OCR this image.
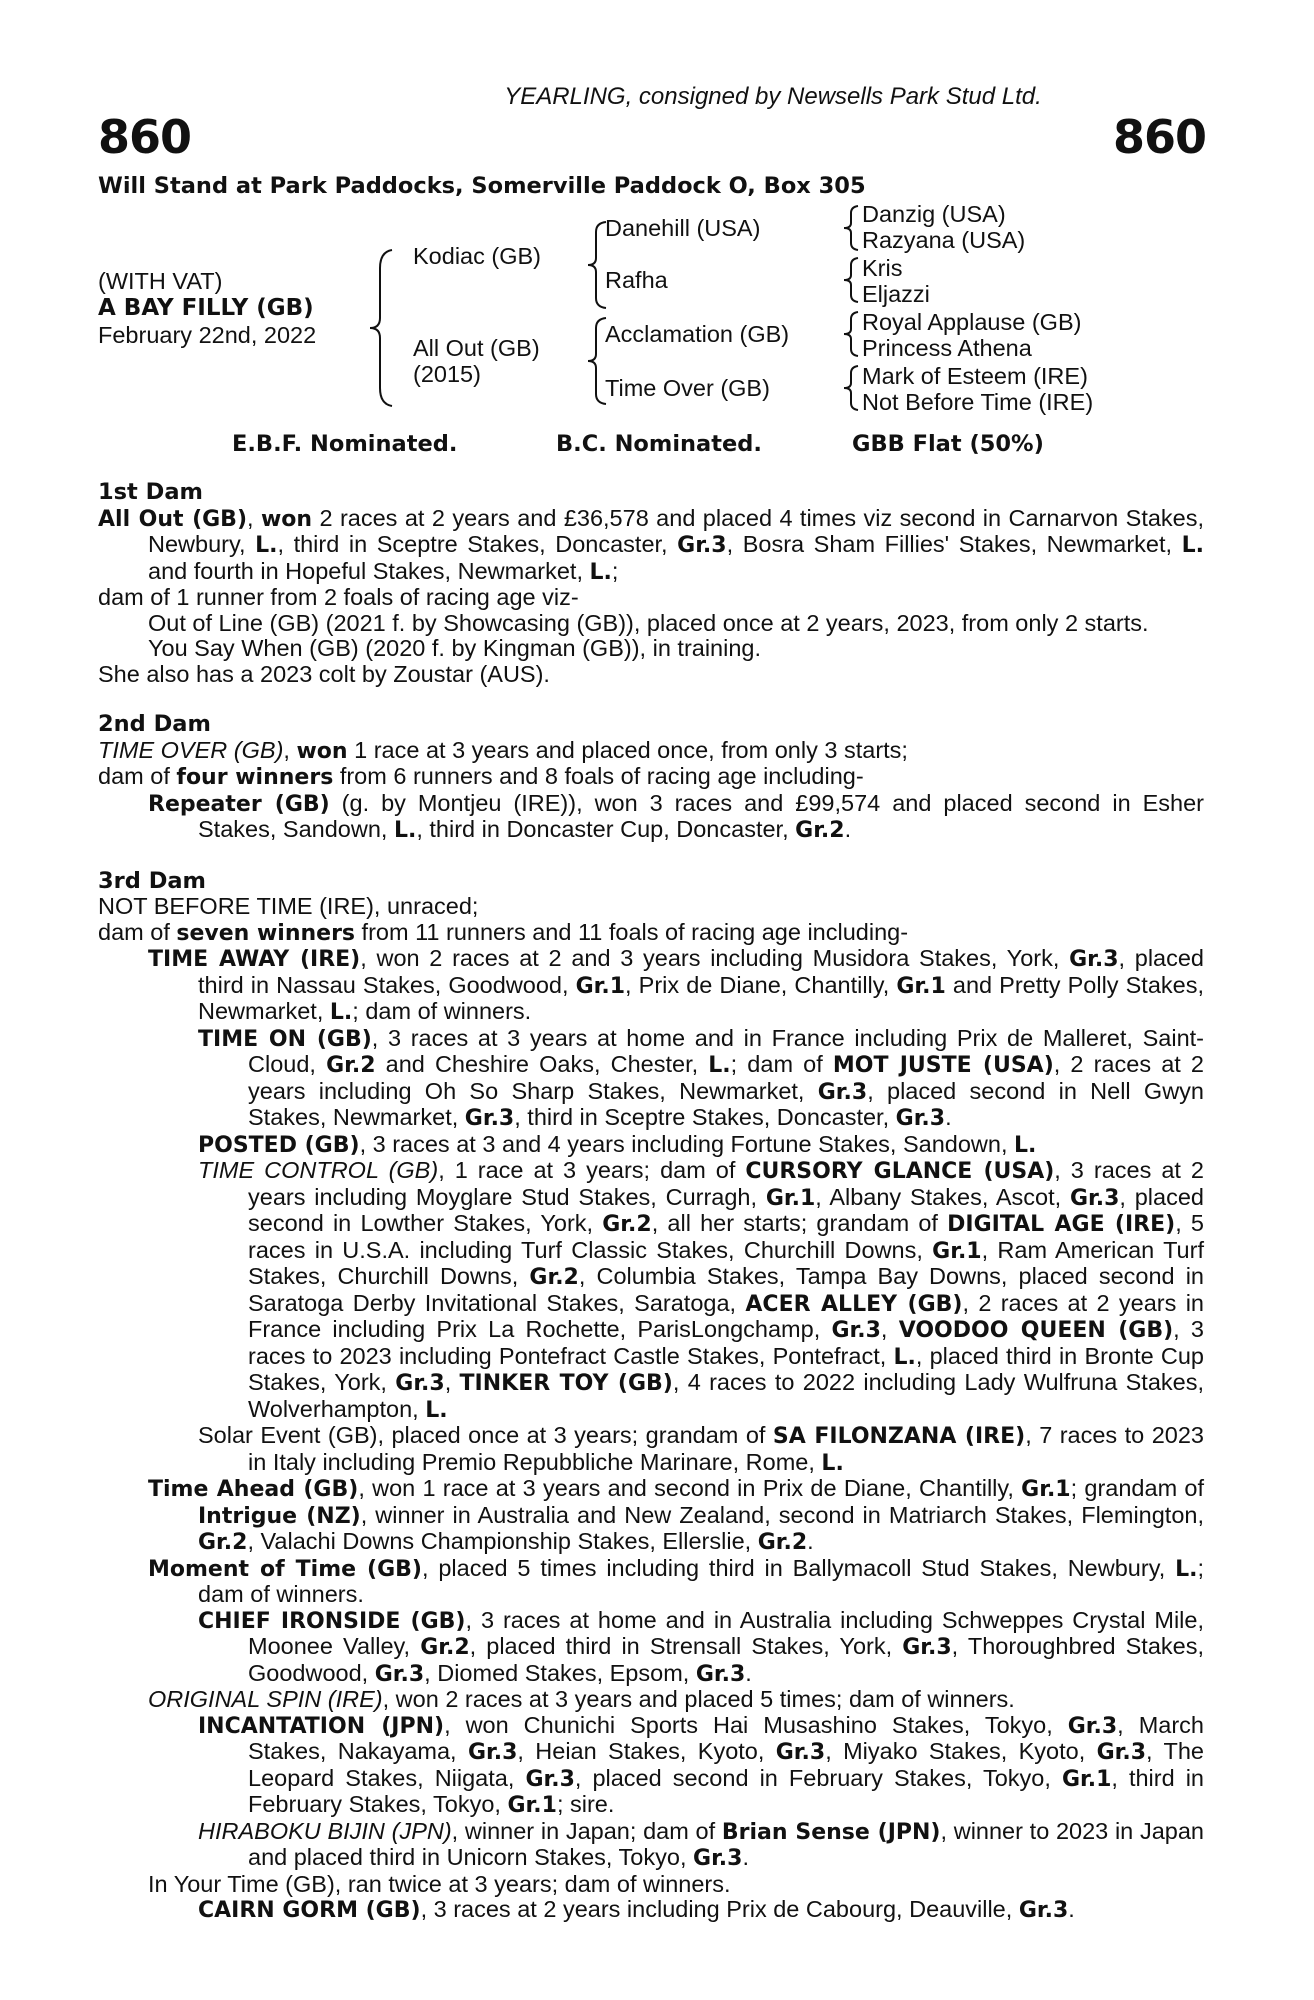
YEARLING, consigned by Newsells Park Stud Ltd.
860	860
Will Stand at Park Paddocks, Somerville Paddock O, Box 305
(WITH VAT)
A BAY FILLY (GB)
February 22nd, 2022
Kodiac (GB)
All Out (GB)
(2015)
Danehill (USA)
Rafha
Acclamation (GB)
Time Over (GB)
Danzig (USA)
Razyana (USA)
Kris
Eljazzi
Royal Applause (GB)
Princess Athena
Mark of Esteem (IRE)
Not Before Time (IRE)
E.B.F. Nominated.	B.C. Nominated.	GBB Flat (50%)
1st Dam

All Out (GB), won 2 races at 2 years and £36,578 and placed 4 times viz second in Carnarvon Stakes, Newbury, L., third in Sceptre Stakes, Doncaster, Gr.3, Bosra Sham Fillies' Stakes, Newmarket, L. and fourth in Hopeful Stakes, Newmarket, L.;

dam of 1 runner from 2 foals of racing age viz-

Out of Line (GB) (2021 f. by Showcasing (GB)), placed once at 2 years, 2023, from only 2 starts.

You Say When (GB) (2020 f. by Kingman (GB)), in training.

She also has a 2023 colt by Zoustar (AUS).

2nd Dam

TIME OVER (GB), won 1 race at 3 years and placed once, from only 3 starts;

dam of four winners from 6 runners and 8 foals of racing age including-

Repeater (GB) (g. by Montjeu (IRE)), won 3 races and £99,574 and placed second in Esher Stakes, Sandown, L., third in Doncaster Cup, Doncaster, Gr.2.

3rd Dam

NOT BEFORE TIME (IRE), unraced;

dam of seven winners from 11 runners and 11 foals of racing age including-

TIME AWAY (IRE), won 2 races at 2 and 3 years including Musidora Stakes, York, Gr.3, placed third in Nassau Stakes, Goodwood, Gr.1, Prix de Diane, Chantilly, Gr.1 and Pretty Polly Stakes, Newmarket, L.; dam of winners.

TIME ON (GB), 3 races at 3 years at home and in France including Prix de Malleret, Saint-Cloud, Gr.2 and Cheshire Oaks, Chester, L.; dam of MOT JUSTE (USA), 2 races at 2 years including Oh So Sharp Stakes, Newmarket, Gr.3, placed second in Nell Gwyn Stakes, Newmarket, Gr.3, third in Sceptre Stakes, Doncaster, Gr.3.

POSTED (GB), 3 races at 3 and 4 years including Fortune Stakes, Sandown, L.

TIME CONTROL (GB), 1 race at 3 years; dam of CURSORY GLANCE (USA), 3 races at 2 years including Moyglare Stud Stakes, Curragh, Gr.1, Albany Stakes, Ascot, Gr.3, placed second in Lowther Stakes, York, Gr.2, all her starts; grandam of DIGITAL AGE (IRE), 5 races in U.S.A. including Turf Classic Stakes, Churchill Downs, Gr.1, Ram American Turf Stakes, Churchill Downs, Gr.2, Columbia Stakes, Tampa Bay Downs, placed second in Saratoga Derby Invitational Stakes, Saratoga, ACER ALLEY (GB), 2 races at 2 years in France including Prix La Rochette, ParisLongchamp, Gr.3, VOODOO QUEEN (GB), 3 races to 2023 including Pontefract Castle Stakes, Pontefract, L., placed third in Bronte Cup Stakes, York, Gr.3, TINKER TOY (GB), 4 races to 2022 including Lady Wulfruna Stakes, Wolverhampton, L.

Solar Event (GB), placed once at 3 years; grandam of SA FILONZANA (IRE), 7 races to 2023 in Italy including Premio Repubbliche Marinare, Rome, L.

Time Ahead (GB), won 1 race at 3 years and second in Prix de Diane, Chantilly, Gr.1; grandam of Intrigue (NZ), winner in Australia and New Zealand, second in Matriarch Stakes, Flemington, Gr.2, Valachi Downs Championship Stakes, Ellerslie, Gr.2.

Moment of Time (GB), placed 5 times including third in Ballymacoll Stud Stakes, Newbury, L.; dam of winners.

CHIEF IRONSIDE (GB), 3 races at home and in Australia including Schweppes Crystal Mile, Moonee Valley, Gr.2, placed third in Strensall Stakes, York, Gr.3, Thoroughbred Stakes, Goodwood, Gr.3, Diomed Stakes, Epsom, Gr.3.

ORIGINAL SPIN (IRE), won 2 races at 3 years and placed 5 times; dam of winners.

INCANTATION (JPN), won Chunichi Sports Hai Musashino Stakes, Tokyo, Gr.3, March Stakes, Nakayama, Gr.3, Heian Stakes, Kyoto, Gr.3, Miyako Stakes, Kyoto, Gr.3, The Leopard Stakes, Niigata, Gr.3, placed second in February Stakes, Tokyo, Gr.1, third in February Stakes, Tokyo, Gr.1; sire.

HIRABOKU BIJIN (JPN), winner in Japan; dam of Brian Sense (JPN), winner to 2023 in Japan and placed third in Unicorn Stakes, Tokyo, Gr.3.

In Your Time (GB), ran twice at 3 years; dam of winners.

CAIRN GORM (GB), 3 races at 2 years including Prix de Cabourg, Deauville, Gr.3.
